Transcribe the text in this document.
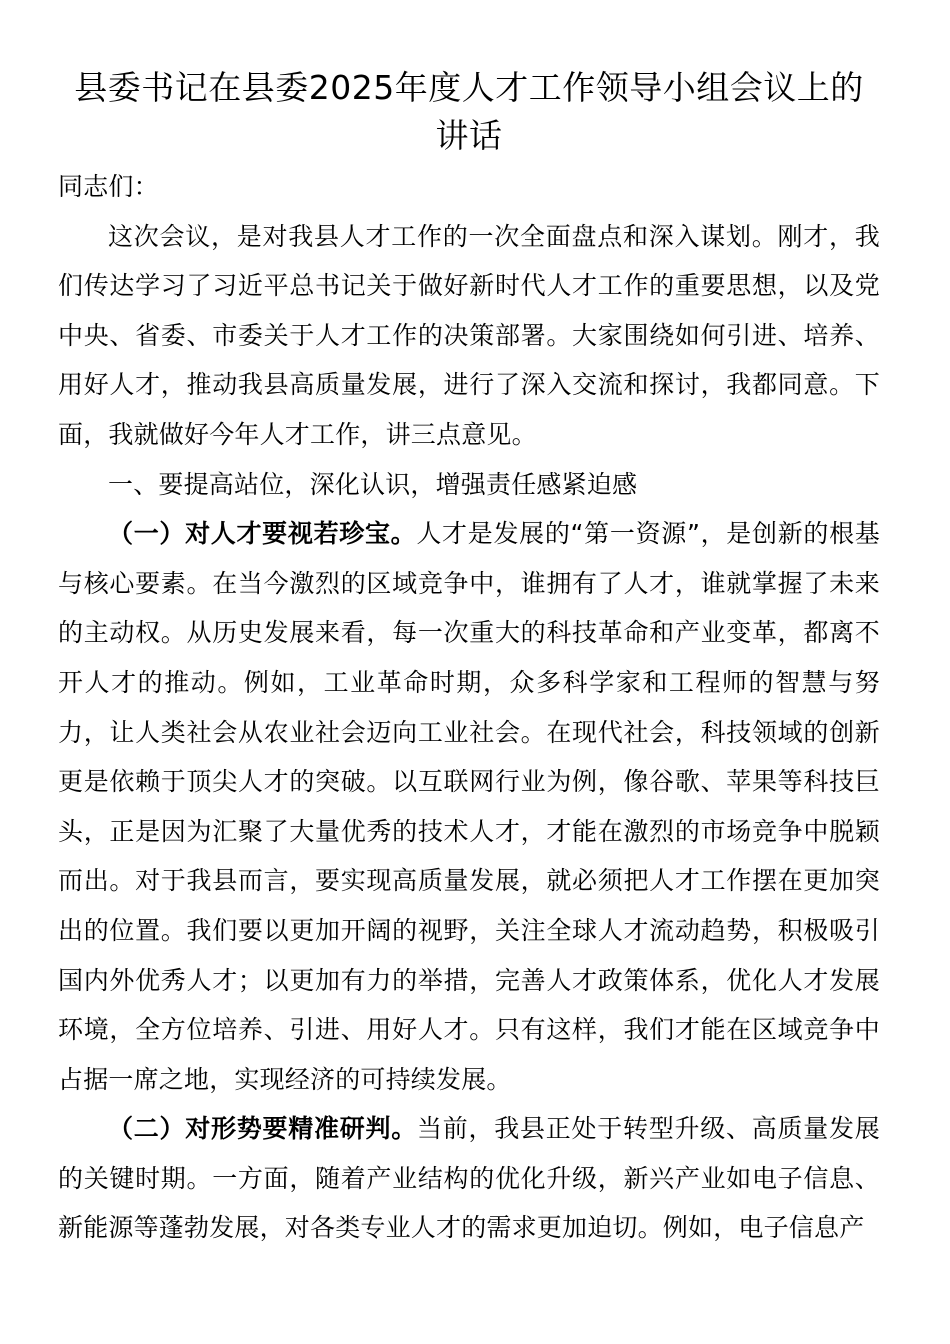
县委书记在县委2025年度人才工作领导小组会议上的讲话

同志们：

这次会议，是对我县人才工作的一次全面盘点和深入谋划。刚才，我们传达学习了习近平总书记关于做好新时代人才工作的重要思想，以及党中央、省委、市委关于人才工作的决策部署。大家围绕如何引进、培养、用好人才，推动我县高质量发展，进行了深入交流和探讨，我都同意。下面，我就做好今年人才工作，讲三点意见。

一、要提高站位，深化认识，增强责任感紧迫感

（一）对人才要视若珍宝。人才是发展的“第一资源”，是创新的根基与核心要素。在当今激烈的区域竞争中，谁拥有了人才，谁就掌握了未来的主动权。从历史发展来看，每一次重大的科技革命和产业变革，都离不开人才的推动。例如，工业革命时期，众多科学家和工程师的智慧与努力，让人类社会从农业社会迈向工业社会。在现代社会，科技领域的创新更是依赖于顶尖人才的突破。以互联网行业为例，像谷歌、苹果等科技巨头，正是因为汇聚了大量优秀的技术人才，才能在激烈的市场竞争中脱颖而出。对于我县而言，要实现高质量发展，就必须把人才工作摆在更加突出的位置。我们要以更加开阔的视野，关注全球人才流动趋势，积极吸引国内外优秀人才；以更加有力的举措，完善人才政策体系，优化人才发展环境，全方位培养、引进、用好人才。只有这样，我们才能在区域竞争中占据一席之地，实现经济的可持续发展。

（二）对形势要精准研判。当前，我县正处于转型升级、高质量发展的关键时期。一方面，随着产业结构的优化升级，新兴产业如电子信息、新能源等蓬勃发展，对各类专业人才的需求更加迫切。例如，电子信息产
